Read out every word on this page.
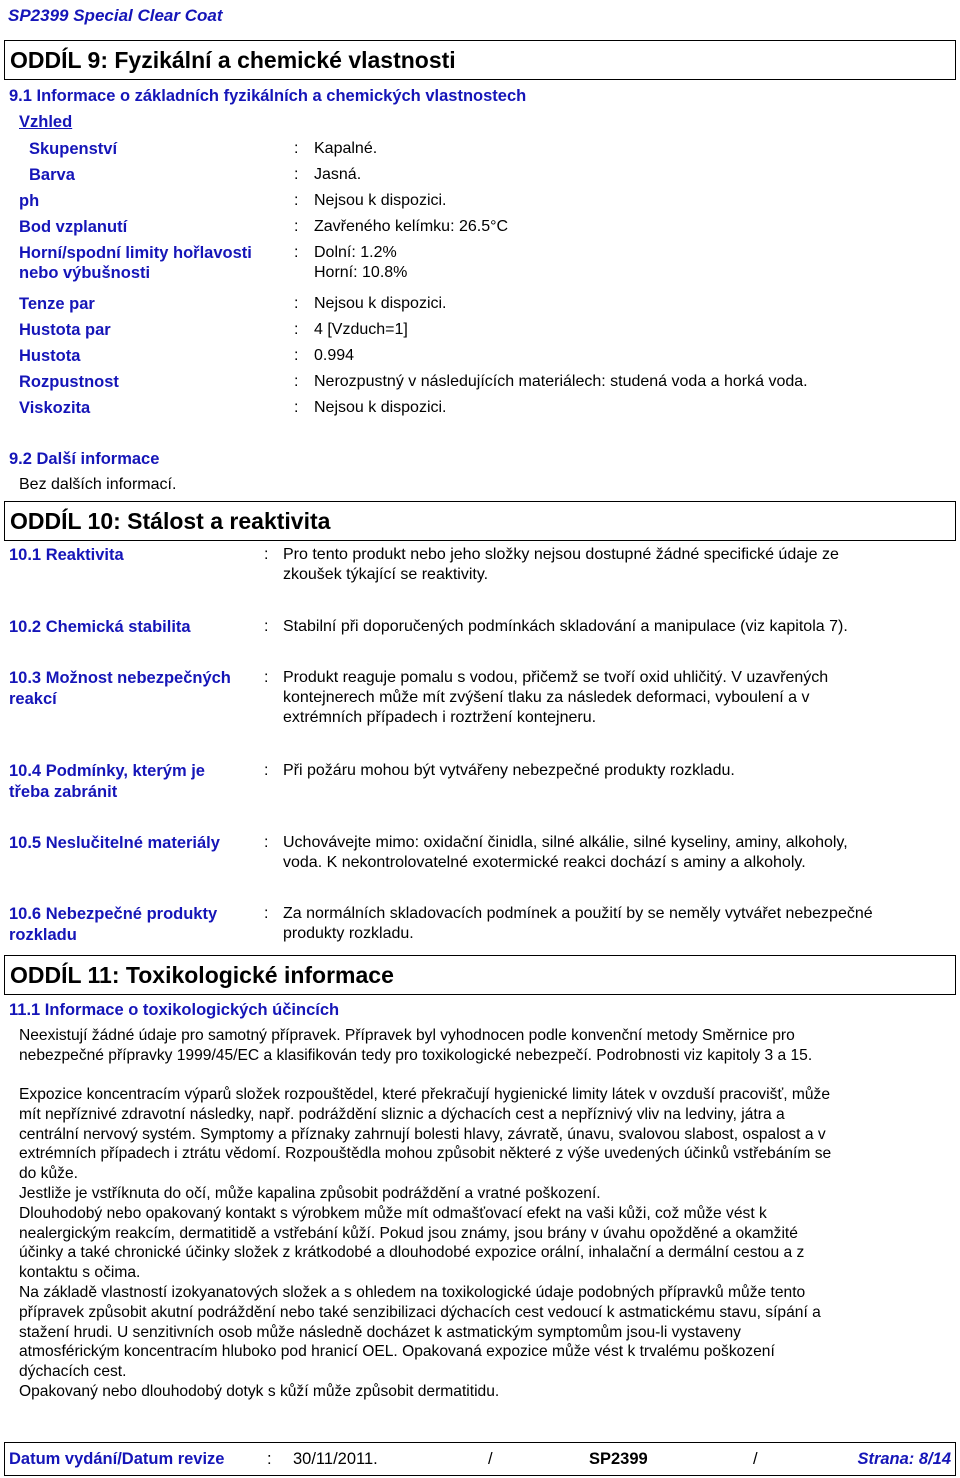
SP2399 Special Clear Coat
ODDÍL 9: Fyzikální a chemické vlastnosti
9.1 Informace o základních fyzikálních a chemických vlastnostech
Vzhled
Skupenství	: Kapalné.
Barva	: Jasná.
ph	: Nejsou k dispozici.
Bod vzplanutí	: Zavřeného kelímku: 26.5°C
Horní/spodní limity hořlavosti
nebo výbušnosti
: Dolní: 1.2%
Horní: 10.8%
Tenze par	: Nejsou k dispozici.
Hustota par	: 4 [Vzduch=1]
Hustota	: 0.994
Rozpustnost	: Nerozpustný v následujících materiálech: studená voda a horká voda.
Viskozita	: Nejsou k dispozici.
9.2 Další informace
Bez dalších informací.
ODDÍL 10: Stálost a reaktivita
10.1 Reaktivita	: Pro tento produkt nebo jeho složky nejsou dostupné žádné specifické údaje ze
zkoušek týkající se reaktivity.
10.2 Chemická stabilita	: Stabilní při doporučených podmínkách skladování a manipulace (viz kapitola 7).
10.3 Možnost nebezpečných
reakcí
: Produkt reaguje pomalu s vodou, přičemž se tvoří oxid uhličitý. V uzavřených
kontejnerech může mít zvýšení tlaku za následek deformaci, vyboulení a v
extrémních případech i roztržení kontejneru.
10.4 Podmínky, kterým je
třeba zabránit
: Při požáru mohou být vytvářeny nebezpečné produkty rozkladu.
10.5 Neslučitelné materiály	: Uchovávejte mimo: oxidační činidla, silné alkálie, silné kyseliny, aminy, alkoholy,
voda. K nekontrolovatelné exotermické reakci dochází s aminy a alkoholy.
10.6 Nebezpečné produkty
rozkladu
: Za normálních skladovacích podmínek a použití by se neměly vytvářet nebezpečné
produkty rozkladu.
ODDÍL 11: Toxikologické informace
11.1 Informace o toxikologických účincích
Neexistují žádné údaje pro samotný přípravek. Přípravek byl vyhodnocen podle konvenční metody Směrnice pro
nebezpečné přípravky 1999/45/EC a klasifikován tedy pro toxikologické nebezpečí. Podrobnosti viz kapitoly 3 a 15.
Expozice koncentracím výparů složek rozpouštědel, které překračují hygienické limity látek v ovzduší pracovišť, může
mít nepříznivé zdravotní následky, např. podráždění sliznic a dýchacích cest a nepříznivý vliv na ledviny, játra a
centrální nervový systém. Symptomy a příznaky zahrnují bolesti hlavy, závratě, únavu, svalovou slabost, ospalost a v
extrémních případech i ztrátu vědomí. Rozpouštědla mohou způsobit některé z výše uvedených účinků vstřebáním se
do kůže.
Jestliže je vstříknuta do očí, může kapalina způsobit podráždění a vratné poškození.
Dlouhodobý nebo opakovaný kontakt s výrobkem může mít odmašťovací efekt na vaši kůži, což může vést k
nealergickým reakcím, dermatitidě a vstřebání kůží. Pokud jsou známy, jsou brány v úvahu opožděné a okamžité
účinky a také chronické účinky složek z krátkodobé a dlouhodobé expozice orální, inhalační a dermální cestou a z
kontaktu s očima.
Na základě vlastností izokyanatových složek a s ohledem na toxikologické údaje podobných přípravků může tento
přípravek způsobit akutní podráždění nebo také senzibilizaci dýchacích cest vedoucí k astmatickému stavu, sípání a
stažení hrudi. U senzitivních osob může následně docházet k astmatickým symptomům jsou-li vystaveny
atmosférickým koncentracím hluboko pod hranicí OEL. Opakovaná expozice může vést k trvalému poškození
dýchacích cest.
Opakovaný nebo dlouhodobý dotyk s kůží může způsobit dermatitidu.
Datum vydání/Datum revize	: 30/11/2011.	/	SP2399	/	Strana: 8/14
